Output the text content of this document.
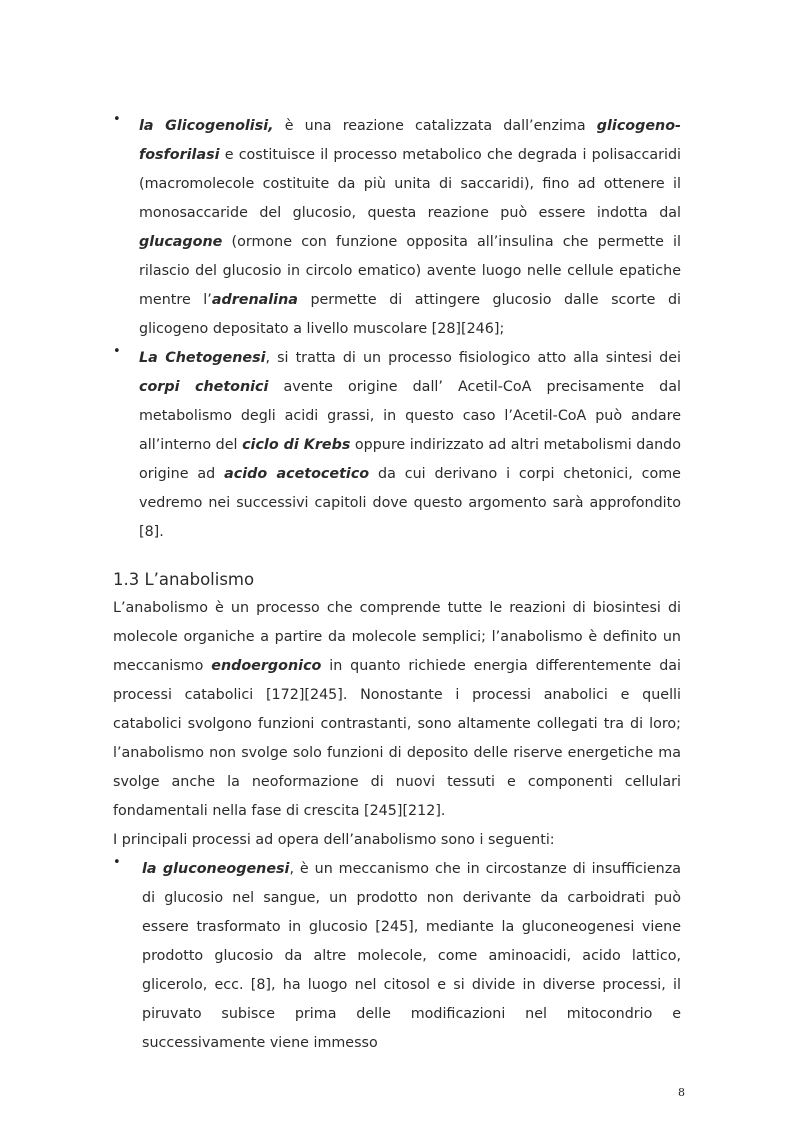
• la Glicogenolisi, è una reazione catalizzata dall’enzima glicogeno-fosforilasi e costituisce il processo metabolico che degrada i polisaccaridi (macromolecole costituite da più unita di saccaridi), fino ad ottenere il monosaccaride del glucosio, questa reazione può essere indotta dal glucagone (ormone con funzione opposita all’insulina che permette il rilascio del glucosio in circolo ematico) avente luogo nelle cellule epatiche mentre l’adrenalina permette di attingere glucosio dalle scorte di glicogeno depositato a livello muscolare [28][246];

• La Chetogenesi, si tratta di un processo fisiologico atto alla sintesi dei corpi chetonici avente origine dall’ Acetil-CoA precisamente dal metabolismo degli acidi grassi, in questo caso l’Acetil-CoA può andare all’interno del ciclo di Krebs oppure indirizzato ad altri metabolismi dando origine ad acido acetocetico da cui derivano i corpi chetonici, come vedremo nei successivi capitoli dove questo argomento sarà approfondito [8].

1.3 L’anabolismo

L’anabolismo è un processo che comprende tutte le reazioni di biosintesi di molecole organiche a partire da molecole semplici; l’anabolismo è definito un meccanismo endoergonico in quanto richiede energia differentemente dai processi catabolici [172][245]. Nonostante i processi anabolici e quelli catabolici svolgono funzioni contrastanti, sono altamente collegati tra di loro; l’anabolismo non svolge solo funzioni di deposito delle riserve energetiche ma svolge anche la neoformazione di nuovi tessuti e componenti cellulari fondamentali nella fase di crescita [245][212].

I principali processi ad opera dell’anabolismo sono i seguenti:

• la gluconeogenesi, è un meccanismo che in circostanze di insufficienza di glucosio nel sangue, un prodotto non derivante da carboidrati può essere trasformato in glucosio [245], mediante la gluconeogenesi viene prodotto glucosio da altre molecole, come aminoacidi, acido lattico, glicerolo, ecc. [8], ha luogo nel citosol e si divide in diverse processi, il piruvato subisce prima delle modificazioni nel mitocondrio e successivamente viene immesso

8
